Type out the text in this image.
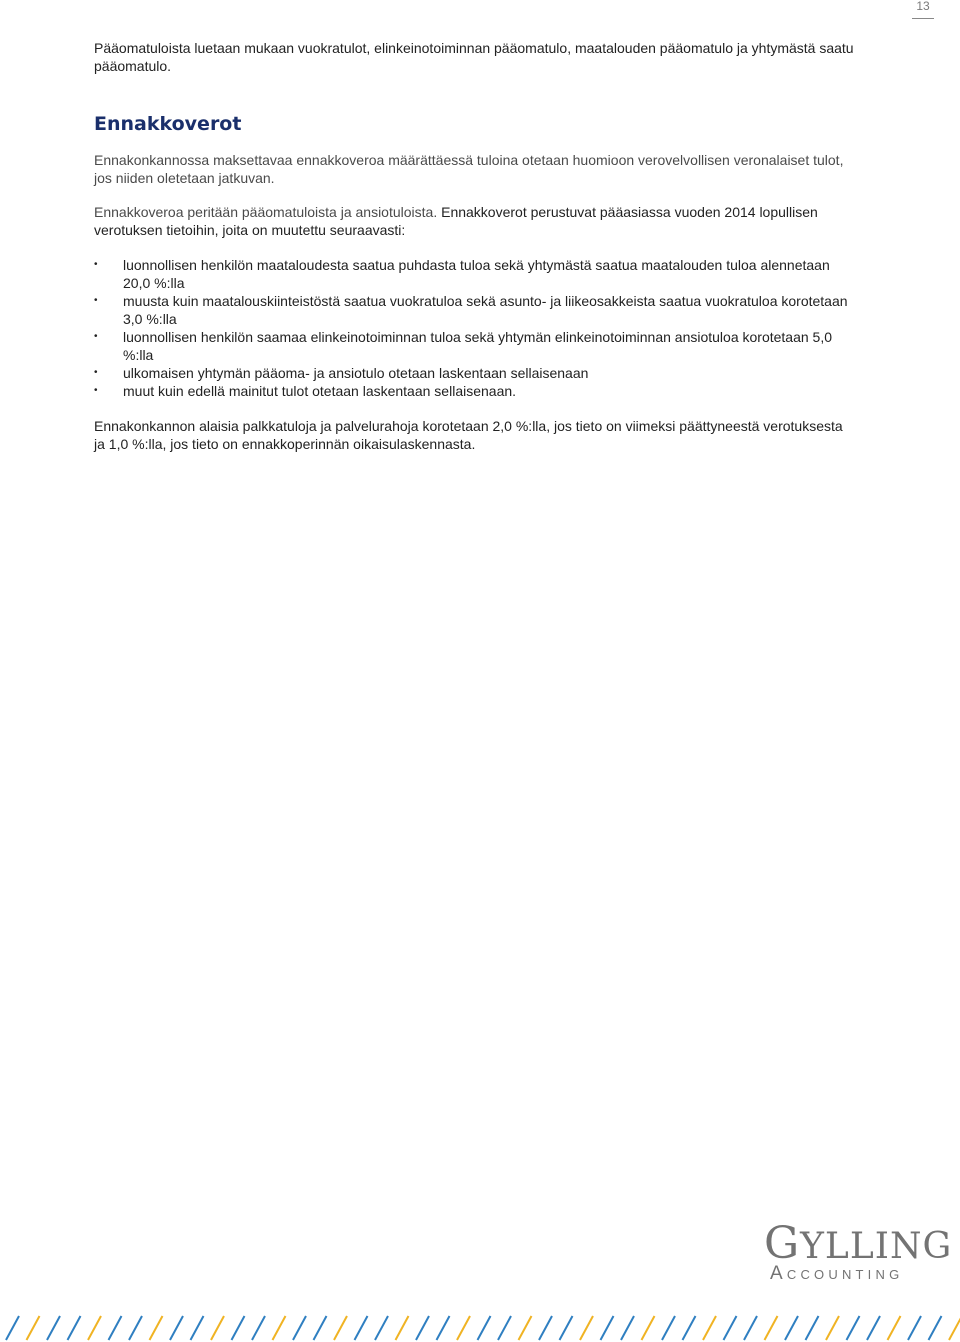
13

Pääomatuloista luetaan mukaan vuokratulot, elinkeinotoiminnan pääomatulo, maatalouden pääomatulo ja yhtymästä saatu pääomatulo.

Ennakkoverot

Ennakonkannossa maksettavaa ennakkoveroa määrättäessä tuloina otetaan huomioon verovelvollisen veronalaiset tulot, jos niiden oletetaan jatkuvan.

Ennakkoveroa peritään pääomatuloista ja ansiotuloista. Ennakkoverot perustuvat pääasiassa vuoden 2014 lopullisen verotuksen tietoihin, joita on muutettu seuraavasti:

• luonnollisen henkilön maataloudesta saatua puhdasta tuloa sekä yhtymästä saatua maatalouden tuloa alennetaan 20,0 %:lla
• muusta kuin maatalouskiinteistöstä saatua vuokratuloa sekä asunto- ja liikeosakkeista saatua vuokratuloa korotetaan 3,0 %:lla
• luonnollisen henkilön saamaa elinkeinotoiminnan tuloa sekä yhtymän elinkeinotoiminnan ansiotuloa korotetaan 5,0 %:lla
• ulkomaisen yhtymän pääoma- ja ansiotulo otetaan laskentaan sellaisenaan
• muut kuin edellä mainitut tulot otetaan laskentaan sellaisenaan.

Ennakonkannon alaisia palkkatuloja ja palvelurahoja korotetaan 2,0 %:lla, jos tieto on viimeksi päättyneestä verotuksesta ja 1,0 %:lla, jos tieto on ennakkoperinnän oikaisulaskennasta.

GYLLING
ACCOUNTING
